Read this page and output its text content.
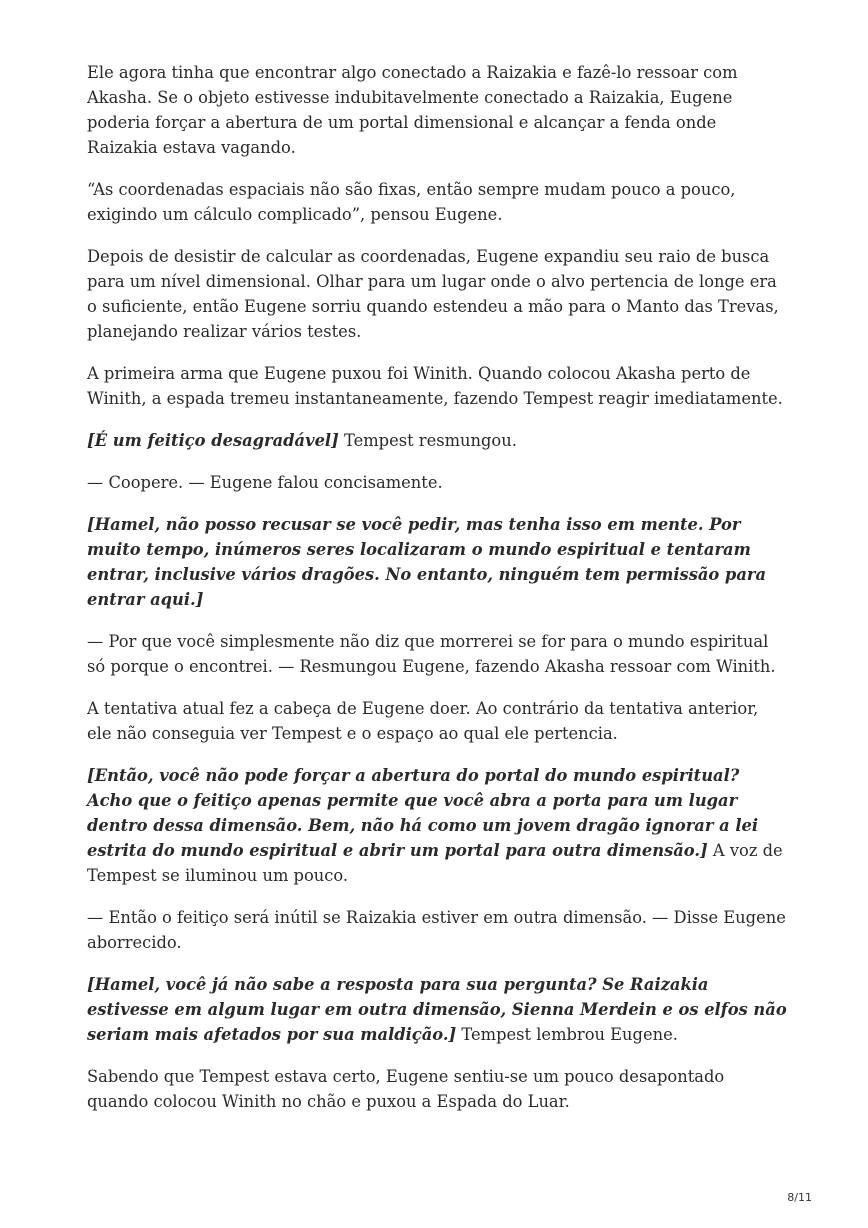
Ele agora tinha que encontrar algo conectado a Raizakia e fazê-lo ressoar com Akasha. Se o objeto estivesse indubitavelmente conectado a Raizakia, Eugene poderia forçar a abertura de um portal dimensional e alcançar a fenda onde Raizakia estava vagando.

“As coordenadas espaciais não são fixas, então sempre mudam pouco a pouco, exigindo um cálculo complicado”, pensou Eugene.

Depois de desistir de calcular as coordenadas, Eugene expandiu seu raio de busca para um nível dimensional. Olhar para um lugar onde o alvo pertencia de longe era o suficiente, então Eugene sorriu quando estendeu a mão para o Manto das Trevas, planejando realizar vários testes.

A primeira arma que Eugene puxou foi Winith. Quando colocou Akasha perto de Winith, a espada tremeu instantaneamente, fazendo Tempest reagir imediatamente.

[É um feitiço desagradável] Tempest resmungou.

— Coopere. — Eugene falou concisamente.

[Hamel, não posso recusar se você pedir, mas tenha isso em mente. Por muito tempo, inúmeros seres localizaram o mundo espiritual e tentaram entrar, inclusive vários dragões. No entanto, ninguém tem permissão para entrar aqui.]

— Por que você simplesmente não diz que morrerei se for para o mundo espiritual só porque o encontrei. — Resmungou Eugene, fazendo Akasha ressoar com Winith.

A tentativa atual fez a cabeça de Eugene doer. Ao contrário da tentativa anterior, ele não conseguia ver Tempest e o espaço ao qual ele pertencia.

[Então, você não pode forçar a abertura do portal do mundo espiritual? Acho que o feitiço apenas permite que você abra a porta para um lugar dentro dessa dimensão. Bem, não há como um jovem dragão ignorar a lei estrita do mundo espiritual e abrir um portal para outra dimensão.] A voz de Tempest se iluminou um pouco.

— Então o feitiço será inútil se Raizakia estiver em outra dimensão. — Disse Eugene aborrecido.

[Hamel, você já não sabe a resposta para sua pergunta? Se Raizakia estivesse em algum lugar em outra dimensão, Sienna Merdein e os elfos não seriam mais afetados por sua maldição.] Tempest lembrou Eugene.

Sabendo que Tempest estava certo, Eugene sentiu-se um pouco desapontado quando colocou Winith no chão e puxou a Espada do Luar.

8/11
